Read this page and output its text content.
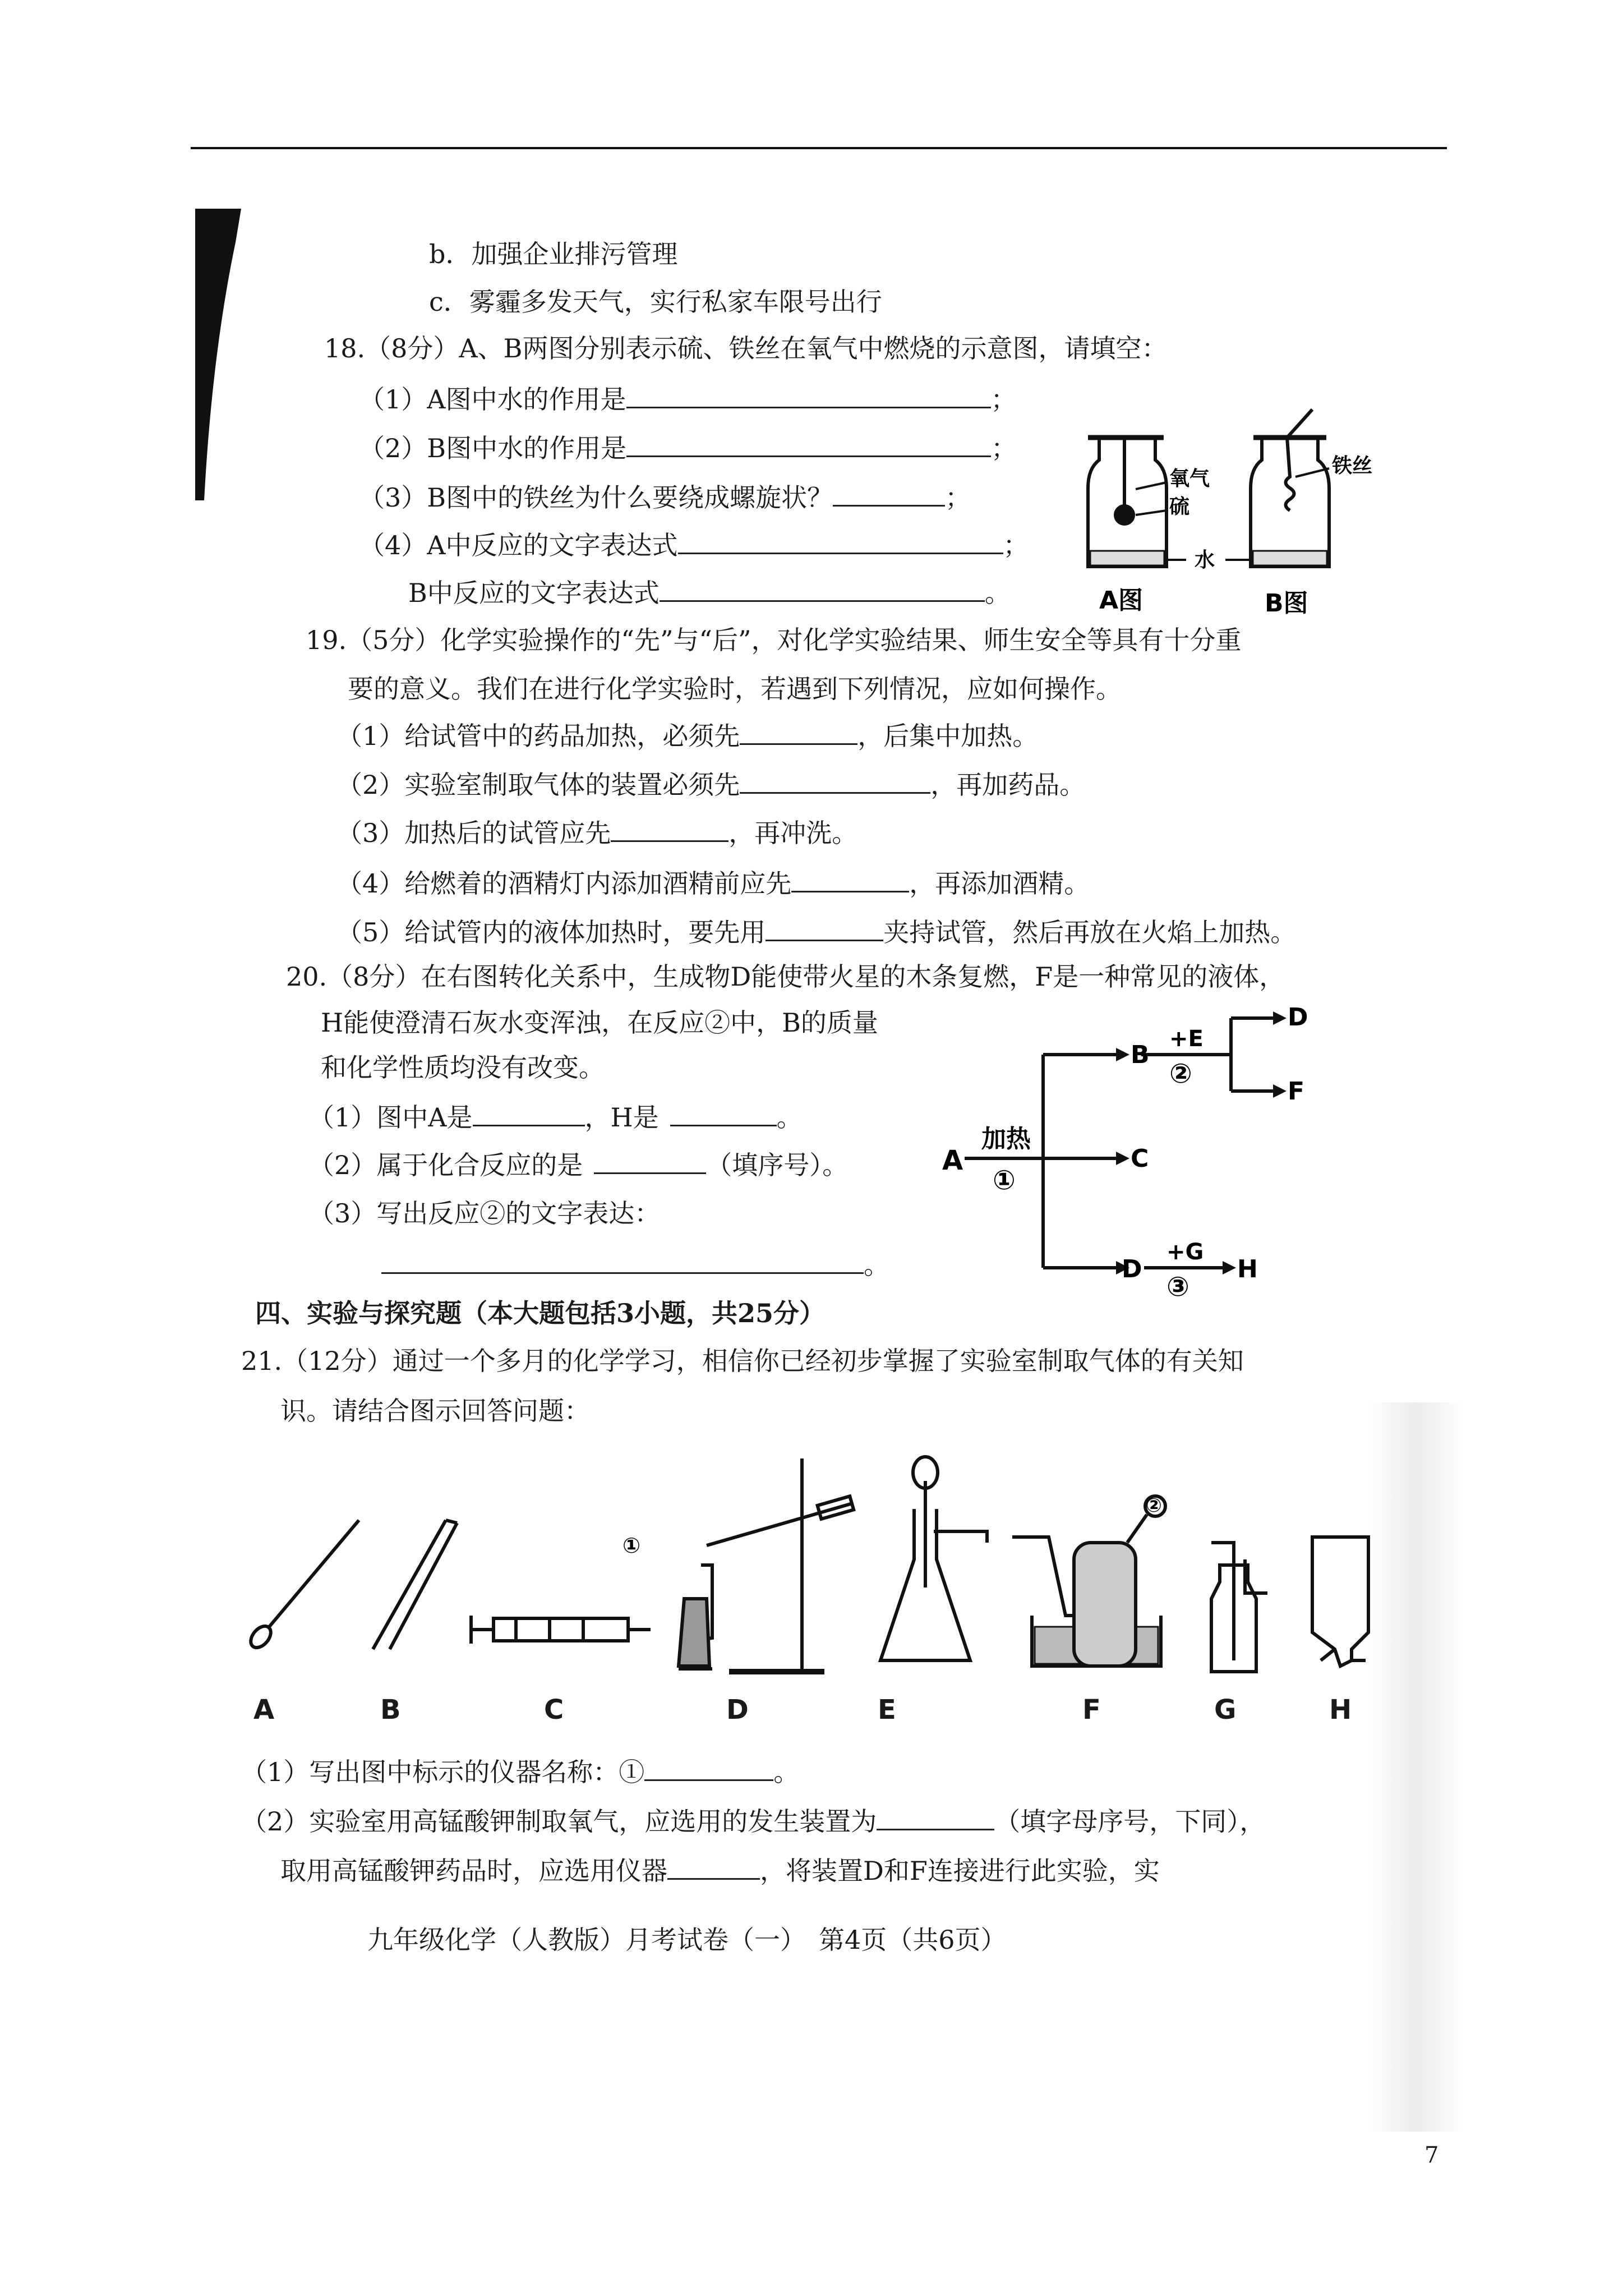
b．加强企业排污管理
c．雾霾多发天气，实行私家车限号出行
18.（8分）A、B两图分别表示硫、铁丝在氧气中燃烧的示意图，请填空：
（1）A图中水的作用是	；
（2）B图中水的作用是	；
（3）B图中的铁丝为什么要绕成螺旋状？	；
（4）A中反应的文字表达式	；
B中反应的文字表达式	。
氧气
硫
铁丝
水
A图	B图
19.（5分）化学实验操作的“先”与“后”，对化学实验结果、师生安全等具有十分重
要的意义。我们在进行化学实验时，若遇到下列情况，应如何操作。
（1）给试管中的药品加热，必须先	，后集中加热。
（2）实验室制取气体的装置必须先	，再加药品。
（3）加热后的试管应先	，再冲洗。
（4）给燃着的酒精灯内添加酒精前应先	，再添加酒精。
（5）给试管内的液体加热时，要先用	夹持试管，然后再放在火焰上加热。
20.（8分）在右图转化关系中，生成物D能使带火星的木条复燃，F是一种常见的液体，
H能使澄清石灰水变浑浊，在反应②中，B的质量
和化学性质均没有改变。
（1）图中A是	，H是	。
（2）属于化合反应的是	（填序号）。
（3）写出反应②的文字表达：
。
A
B
C
D
D
F
H
加热
①
+E
②
+G
③
四、实验与探究题（本大题包括3小题，共25分）
21.（12分）通过一个多月的化学学习，相信你已经初步掌握了实验室制取气体的有关知
识。请结合图示回答问题：
①
②
A	B	C	D	E	F	G	H
（1）写出图中标示的仪器名称：①	。
（2）实验室用高锰酸钾制取氧气，应选用的发生装置为	（填字母序号，下同），
取用高锰酸钾药品时，应选用仪器	，将装置D和F连接进行此实验，实
九年级化学（人教版）月考试卷（一）　第4页（共6页）
7
